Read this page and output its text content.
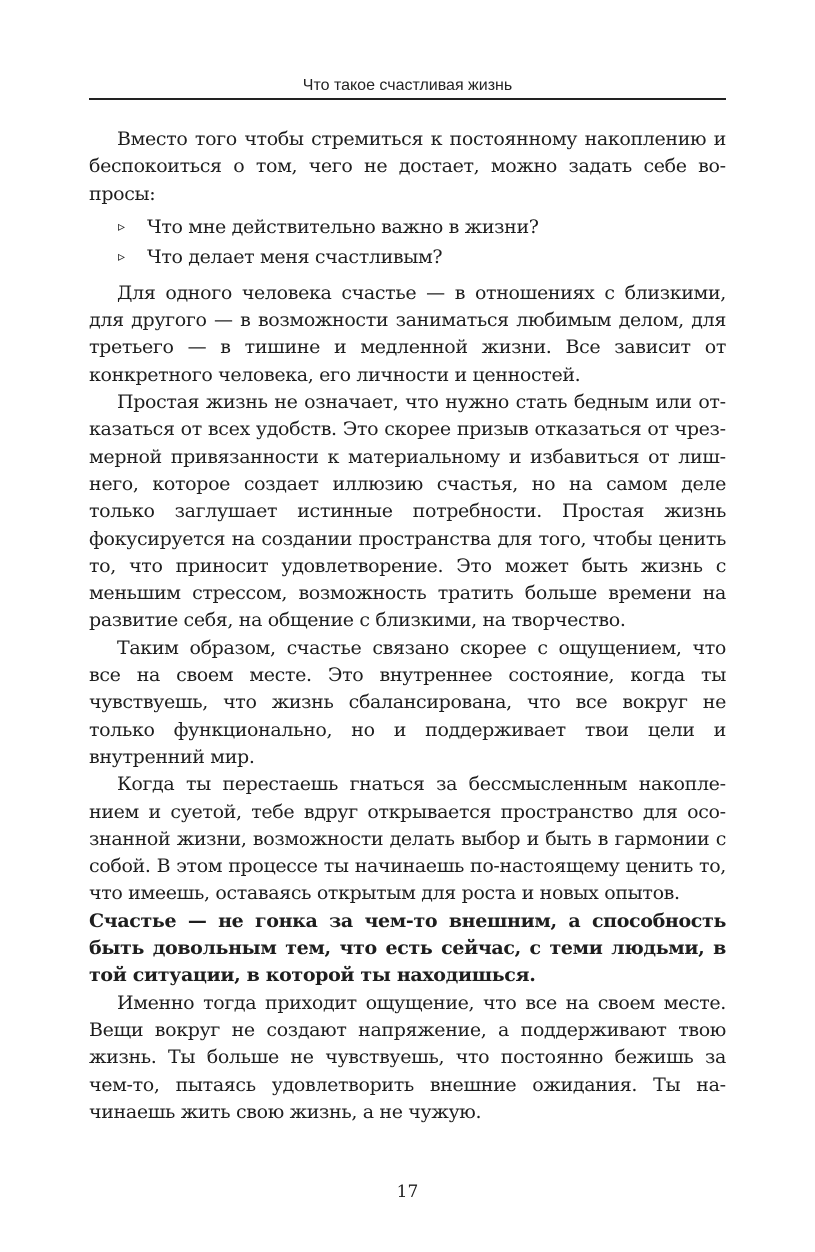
Что такое счастливая жизнь

Вместо того чтобы стремиться к постоянному накоплению и беспокоиться о том, чего не достает, можно задать себе вопросы:

▹ Что мне действительно важно в жизни?
▹ Что делает меня счастливым?

Для одного человека счастье — в отношениях с близкими, для другого — в возможности заниматься любимым делом, для третьего — в тишине и медленной жизни. Все зависит от конкретного человека, его личности и ценностей.

Простая жизнь не означает, что нужно стать бедным или отказаться от всех удобств. Это скорее призыв отказаться от чрезмерной привязанности к материальному и избавиться от лишнего, которое создает иллюзию счастья, но на самом деле только заглушает истинные потребности. Простая жизнь фокусируется на создании пространства для того, чтобы ценить то, что приносит удовлетворение. Это может быть жизнь с меньшим стрессом, возможность тратить больше времени на развитие себя, на общение с близкими, на творчество.

Таким образом, счастье связано скорее с ощущением, что все на своем месте. Это внутреннее состояние, когда ты чувствуешь, что жизнь сбалансирована, что все вокруг не только функционально, но и поддерживает твои цели и внутренний мир.

Когда ты перестаешь гнаться за бессмысленным накоплением и суетой, тебе вдруг открывается пространство для осознанной жизни, возможности делать выбор и быть в гармонии с собой. В этом процессе ты начинаешь по-настоящему ценить то, что имеешь, оставаясь открытым для роста и новых опытов.

Счастье — не гонка за чем-то внешним, а способность быть довольным тем, что есть сейчас, с теми людьми, в той ситуации, в которой ты находишься.

Именно тогда приходит ощущение, что все на своем месте. Вещи вокруг не создают напряжение, а поддерживают твою жизнь. Ты больше не чувствуешь, что постоянно бежишь за чем-то, пытаясь удовлетворить внешние ожидания. Ты начинаешь жить свою жизнь, а не чужую.

17
